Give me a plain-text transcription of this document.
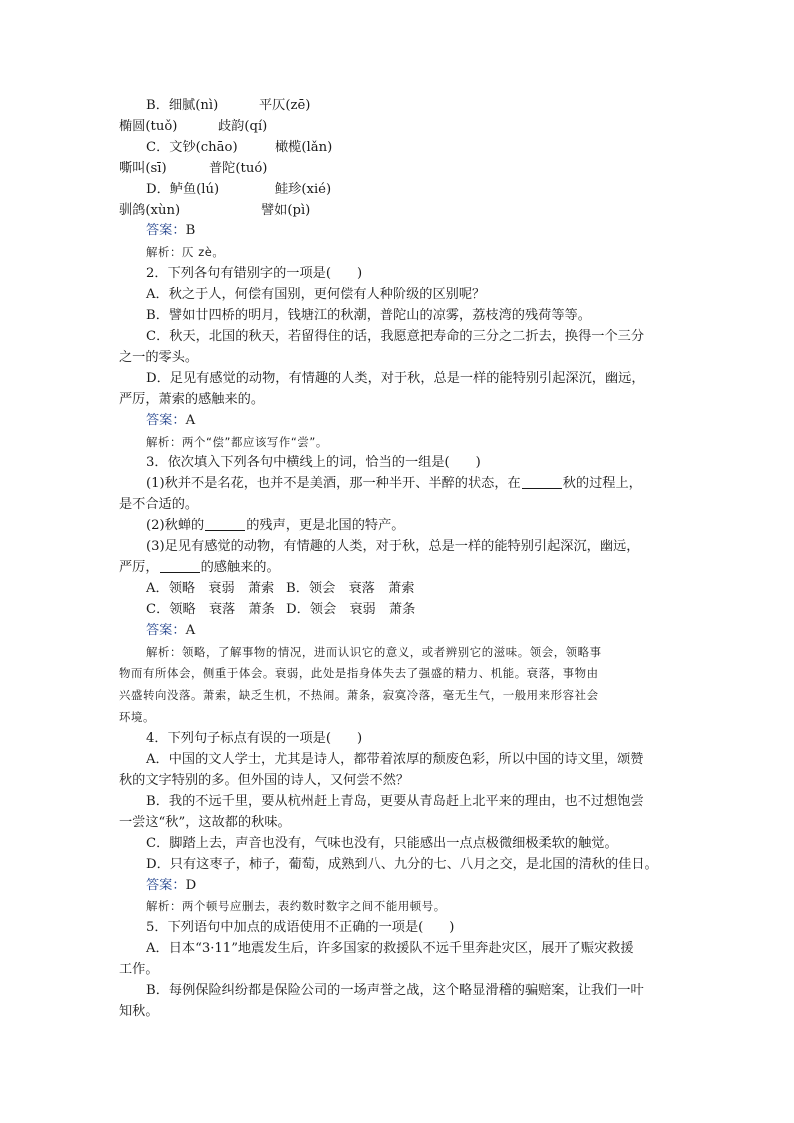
B．细腻(nì)	平仄(zē)
椭圆(tuǒ)	歧韵(qí)
C．文钞(chāo)	橄榄(lǎn)
嘶叫(sī)	普陀(tuó)
D．鲈鱼(lú)	鲑珍(xié)
驯鸽(xùn)	譬如(pì)
答案：B
解析：仄 zè。
2．下列各句有错别字的一项是( )
A．秋之于人，何偿有国别，更何偿有人种阶级的区别呢？
B．譬如廿四桥的明月，钱塘江的秋潮，普陀山的凉雾，荔枝湾的残荷等等。
C．秋天，北国的秋天，若留得住的话，我愿意把寿命的三分之二折去，换得一个三分
之一的零头。
D．足见有感觉的动物，有情趣的人类，对于秋，总是一样的能特别引起深沉，幽远，
严厉，萧索的感触来的。
答案：A
解析：两个“偿”都应该写作“尝”。
3．依次填入下列各句中横线上的词，恰当的一组是( )
(1)秋并不是名花，也并不是美酒，那一种半开、半醉的状态，在	秋的过程上，
是不合适的。
(2)秋蝉的	的残声，更是北国的特产。
(3)足见有感觉的动物，有情趣的人类，对于秋，总是一样的能特别引起深沉，幽远，
严厉，	的感触来的。
A．领略　衰弱　萧索 B．领会　衰落　萧索
C．领略　衰落　萧条 D．领会　衰弱　萧条
答案：A
解析：领略，了解事物的情况，进而认识它的意义，或者辨别它的滋味。领会，领略事
物而有所体会，侧重于体会。衰弱，此处是指身体失去了强盛的精力、机能。衰落，事物由
兴盛转向没落。萧索，缺乏生机，不热闹。萧条，寂寞冷落，毫无生气，一般用来形容社会
环境。
4．下列句子标点有误的一项是( )
A．中国的文人学士，尤其是诗人，都带着浓厚的颓废色彩，所以中国的诗文里，颂赞
秋的文字特别的多。但外国的诗人，又何尝不然？
B．我的不远千里，要从杭州赶上青岛，更要从青岛赶上北平来的理由，也不过想饱尝
一尝这“秋”，这故都的秋味。
C．脚踏上去，声音也没有，气味也没有，只能感出一点点极微细极柔软的触觉。
D．只有这枣子，柿子，葡萄，成熟到八、九分的七、八月之交，是北国的清秋的佳日。
答案：D
解析：两个顿号应删去，表约数时数字之间不能用顿号。
5．下列语句中加点的成语使用不正确的一项是( )
A．日本“3·11”地震发生后，许多国家的救援队不远千里奔赴灾区，展开了赈灾救援
工作。
B．每例保险纠纷都是保险公司的一场声誉之战，这个略显滑稽的骗赔案，让我们一叶
知秋。
